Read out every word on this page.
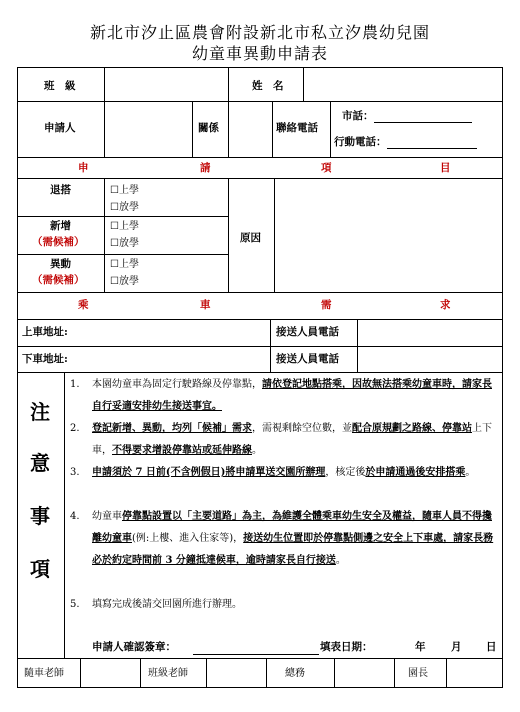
新北市汐止區農會附設新北市私立汐農幼兒園
幼童車異動申請表
班　級	姓　名
申請人	關係	聯絡電話
市話：
行動電話：
申	請	項	目
退搭	☐上學
☐放學
新增
（需候補）
☐上學
☐放學
異動
（需候補）
☐上學
☐放學
原因
乘	車	需	求
上車地址:	接送人員電話
下車地址:	接送人員電話
注
意
事
項
1. 本園幼童車為固定行駛路線及停靠點，請依登記地點搭乘，因故無法搭乘幼童車時，請家長自行妥適安排幼生接送事宜。
2. 登記新增、異動，均列「候補」需求，需視剩餘空位數，並配合原規劃之路線、停靠站上下車，不得要求增設停靠站或延伸路線。
3. 申請須於 7 日前(不含例假日)將申請單送交園所辦理，核定後於申請通過後安排搭乘。
4. 幼童車停靠點設置以「主要道路」為主，為維護全體乘車幼生安全及權益，隨車人員不得攙離幼童車(例:上樓、進入住家等)，接送幼生位置即於停靠點側邊之安全上下車處，請家長務必於約定時間前 3 分鐘抵達候車，逾時請家長自行接送。
5. 填寫完成後請交回園所進行辦理。
申請人確認簽章：	填表日期：	年 月 日
隨車老師	班級老師	總務	園長
